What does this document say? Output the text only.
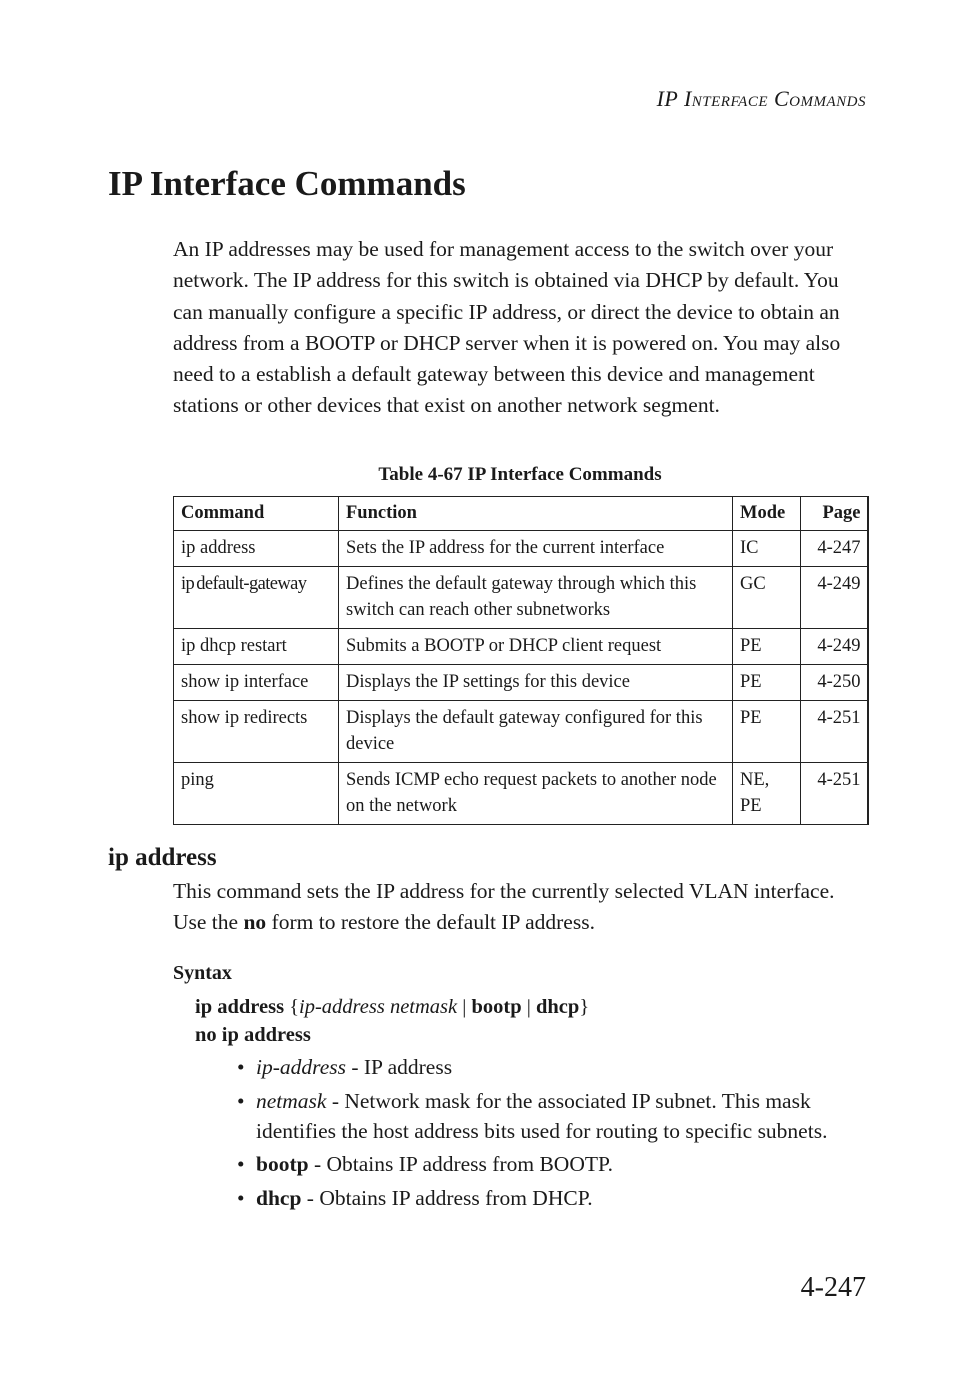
IP Interface Commands
IP Interface Commands

An IP addresses may be used for management access to the switch over your network. The IP address for this switch is obtained via DHCP by default. You can manually configure a specific IP address, or direct the device to obtain an address from a BOOTP or DHCP server when it is powered on. You may also need to a establish a default gateway between this device and management stations or other devices that exist on another network segment.

Table 4-67 IP Interface Commands
Command	Function	Mode	Page
ip address	Sets the IP address for the current interface	IC	4-247
ip default-gateway	Defines the default gateway through which this switch can reach other subnetworks	GC	4-249
ip dhcp restart	Submits a BOOTP or DHCP client request	PE	4-249
show ip interface	Displays the IP settings for this device	PE	4-250
show ip redirects	Displays the default gateway configured for this device	PE	4-251
ping	Sends ICMP echo request packets to another node on the network	NE, PE	4-251
ip address

This command sets the IP address for the currently selected VLAN interface. Use the no form to restore the default IP address.

Syntax

ip address {ip-address netmask | bootp | dhcp}

no ip address

• ip-address - IP address
• netmask - Network mask for the associated IP subnet. This mask identifies the host address bits used for routing to specific subnets.
• bootp - Obtains IP address from BOOTP.
• dhcp - Obtains IP address from DHCP.
4-247
